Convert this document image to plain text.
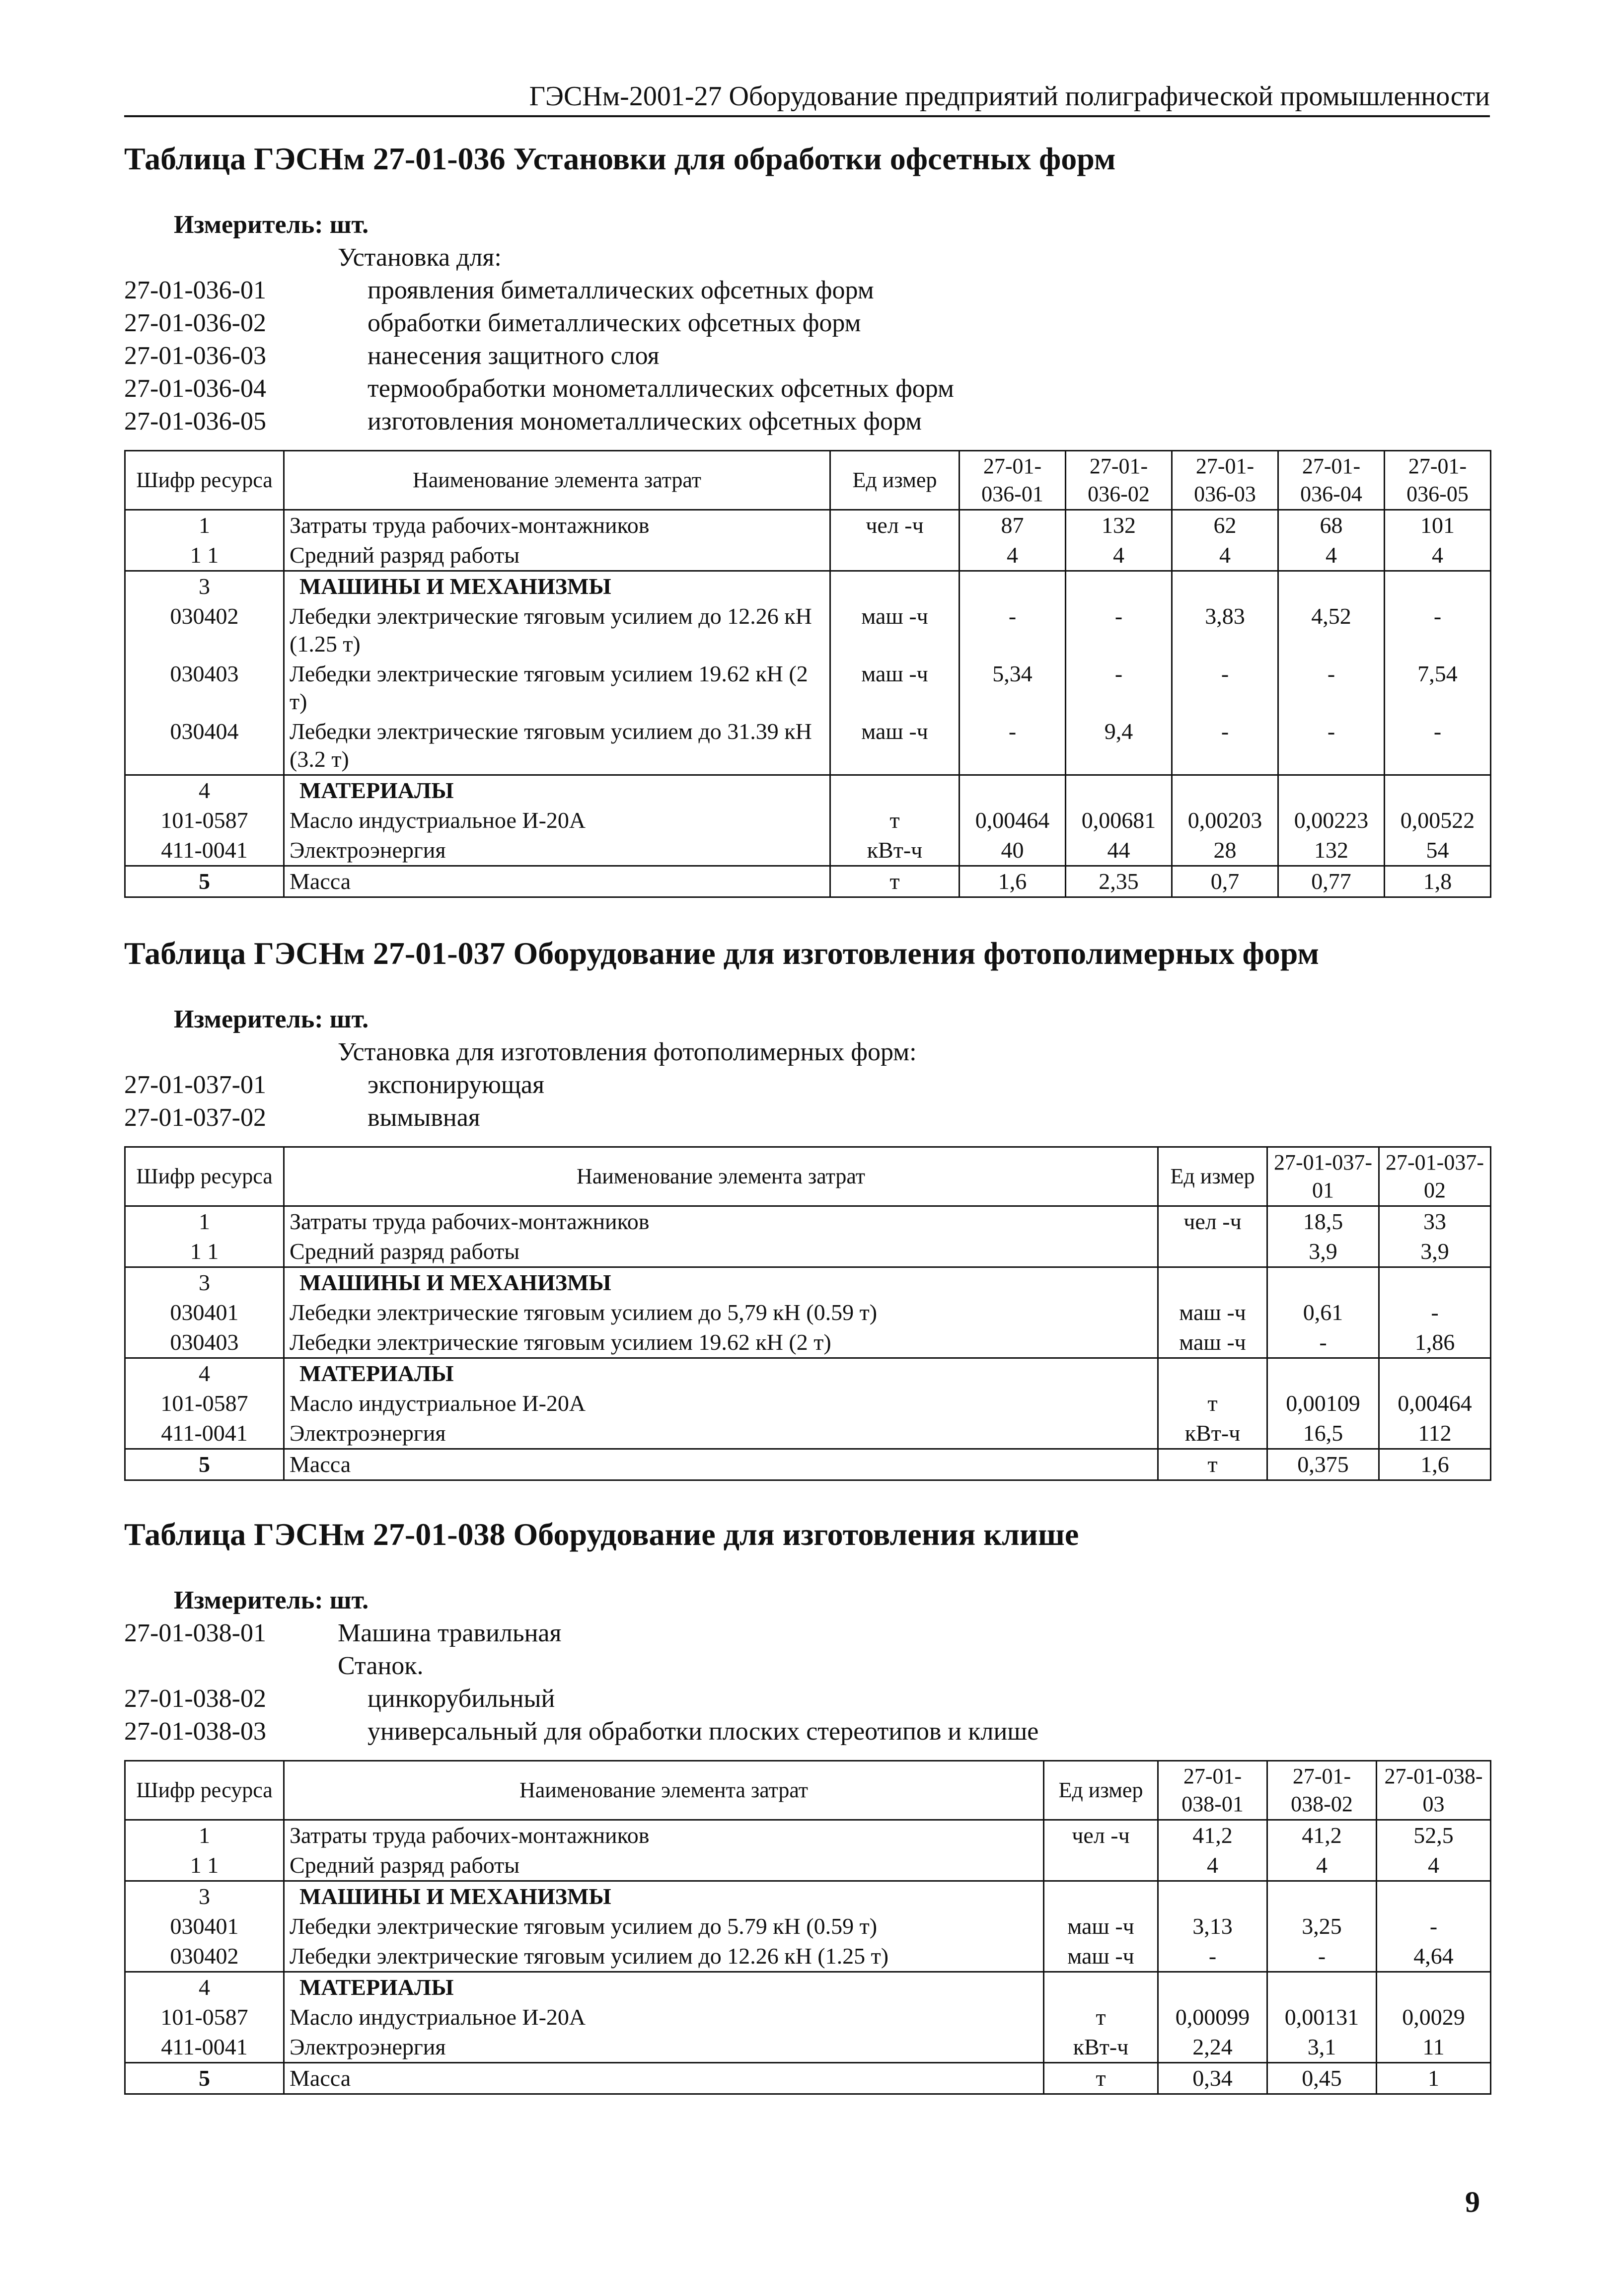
ГЭСНм-2001-27 Оборудование предприятий полиграфической промышленности
Таблица ГЭСНм 27-01-036 Установки для обработки офсетных форм
Измеритель: шт.
Установка для:
27-01-036-01	проявления биметаллических офсетных форм
27-01-036-02	обработки биметаллических офсетных форм
27-01-036-03	нанесения защитного слоя
27-01-036-04	термообработки монометаллических офсетных форм
27-01-036-05	изготовления монометаллических офсетных форм
Шифр ресурса	Наименование элемента затрат	Ед измер	27-01-036-01	27-01-036-02	27-01-036-03	27-01-036-04	27-01-036-05
1	Затраты труда рабочих-монтажников	чел -ч	87	132	62	68	101
1 1	Средний разряд работы		4	4	4	4	4
3	МАШИНЫ И МЕХАНИЗМЫ						
030402	Лебедки электрические тяговым усилием до 12.26 кН (1.25 т)	маш -ч	-	-	3,83	4,52	-
030403	Лебедки электрические тяговым усилием 19.62 кН (2 т)	маш -ч	5,34	-	-	-	7,54
030404	Лебедки электрические тяговым усилием до 31.39 кН (3.2 т)	маш -ч	-	9,4	-	-	-
4	МАТЕРИАЛЫ						
101-0587	Масло индустриальное И-20А	т	0,00464	0,00681	0,00203	0,00223	0,00522
411-0041	Электроэнергия	кВт-ч	40	44	28	132	54
5	Масса	т	1,6	2,35	0,7	0,77	1,8
Таблица ГЭСНм 27-01-037 Оборудование для изготовления фотополимерных форм
Измеритель: шт.
Установка для изготовления фотополимерных форм:
27-01-037-01	экспонирующая
27-01-037-02	вымывная
Шифр ресурса	Наименование элемента затрат	Ед измер	27-01-037-01	27-01-037-02
1	Затраты труда рабочих-монтажников	чел -ч	18,5	33
1 1	Средний разряд работы		3,9	3,9
3	МАШИНЫ И МЕХАНИЗМЫ			
030401	Лебедки электрические тяговым усилием до 5,79 кН (0.59 т)	маш -ч	0,61	-
030403	Лебедки электрические тяговым усилием 19.62 кН (2 т)	маш -ч	-	1,86
4	МАТЕРИАЛЫ			
101-0587	Масло индустриальное И-20А	т	0,00109	0,00464
411-0041	Электроэнергия	кВт-ч	16,5	112
5	Масса	т	0,375	1,6
Таблица ГЭСНм 27-01-038 Оборудование для изготовления клише
Измеритель: шт.
27-01-038-01	Машина травильная
Станок.
27-01-038-02	цинкорубильный
27-01-038-03	универсальный для обработки плоских стереотипов и клише
Шифр ресурса	Наименование элемента затрат	Ед измер	27-01-038-01	27-01-038-02	27-01-038-03
1	Затраты труда рабочих-монтажников	чел -ч	41,2	41,2	52,5
1 1	Средний разряд работы		4	4	4
3	МАШИНЫ И МЕХАНИЗМЫ				
030401	Лебедки электрические тяговым усилием до 5.79 кН (0.59 т)	маш -ч	3,13	3,25	-
030402	Лебедки электрические тяговым усилием до 12.26 кН (1.25 т)	маш -ч	-	-	4,64
4	МАТЕРИАЛЫ				
101-0587	Масло индустриальное И-20А	т	0,00099	0,00131	0,0029
411-0041	Электроэнергия	кВт-ч	2,24	3,1	11
5	Масса	т	0,34	0,45	1
9
